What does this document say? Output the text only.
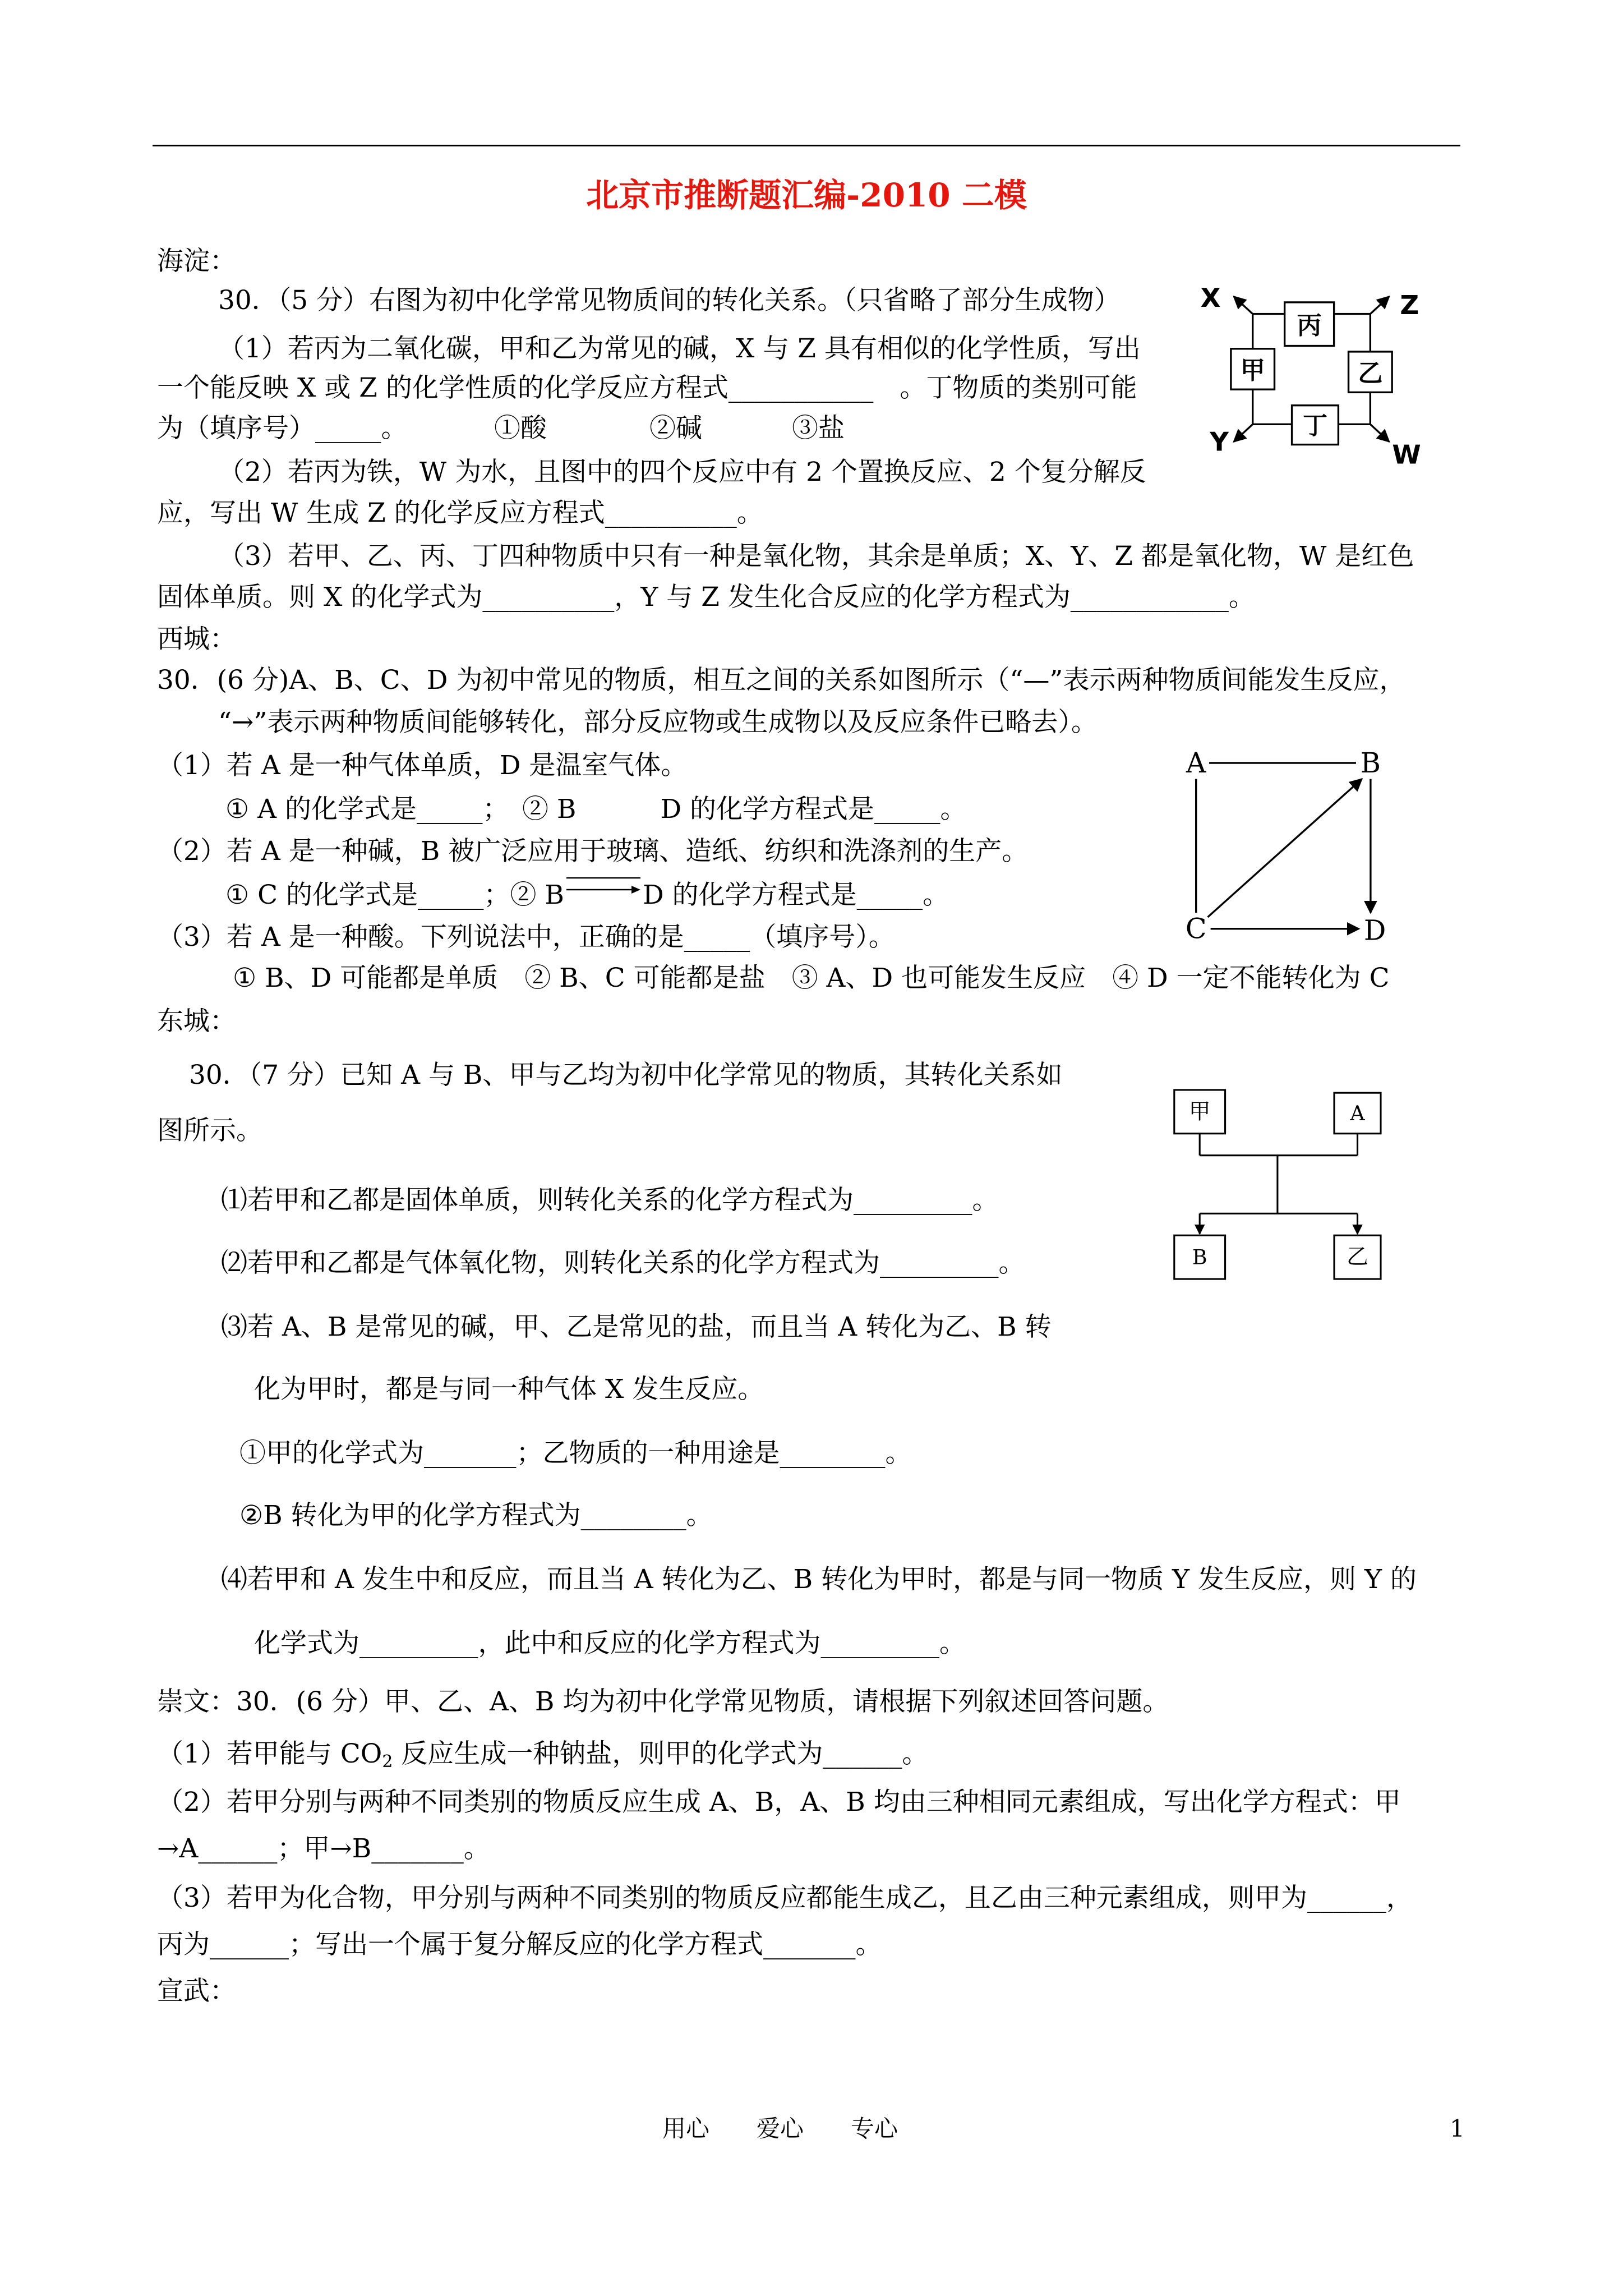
北京市推断题汇编-2010 二模
海淀：
30．（5 分）右图为初中化学常见物质间的转化关系。（只省略了部分生成物）
（1）若丙为二氧化碳，甲和乙为常见的碱，X 与 Z 具有相似的化学性质，写出
一个能反映 X 或 Z 的化学性质的化学反应方程式___________　。丁物质的类别可能
为（填序号）_____。	①酸	②碱	③盐
（2）若丙为铁，W 为水，且图中的四个反应中有 2 个置换反应、2 个复分解反
应，写出 W 生成 Z 的化学反应方程式__________。
（3）若甲、乙、丙、丁四种物质中只有一种是氧化物，其余是单质；X、Y、Z 都是氧化物，W 是红色
固体单质。则 X 的化学式为__________，Y 与 Z 发生化合反应的化学方程式为____________。
丙
甲	乙
丁
X	Z
Y	W
西城：
30．(6 分)A、B、C、D 为初中常见的物质，相互之间的关系如图所示（“—”表示两种物质间能发生反应，
“→”表示两种物质间能够转化，部分反应物或生成物以及反应条件已略去）。
（1）若 A 是一种气体单质，D 是温室气体。
① A 的化学式是_____；　② B	D 的化学方程式是_____。
（2）若 A 是一种碱，B 被广泛应用于玻璃、造纸、纺织和洗涤剂的生产。
① C 的化学式是_____；② B	D 的化学方程式是_____。
（3）若 A 是一种酸。下列说法中，正确的是_____（填序号）。
① B、D 可能都是单质　② B、C 可能都是盐　③ A、D 也可能发生反应　④ D 一定不能转化为 C
A	B
C	D
东城：
30．（7 分）已知 A 与 B、甲与乙均为初中化学常见的物质，其转化关系如
图所示。
⑴若甲和乙都是固体单质，则转化关系的化学方程式为_________。
⑵若甲和乙都是气体氧化物，则转化关系的化学方程式为_________。
⑶若 A、B 是常见的碱，甲、乙是常见的盐，而且当 A 转化为乙、B 转
化为甲时，都是与同一种气体 X 发生反应。
①甲的化学式为_______；乙物质的一种用途是________。
②B 转化为甲的化学方程式为________。
⑷若甲和 A 发生中和反应，而且当 A 转化为乙、B 转化为甲时，都是与同一物质 Y 发生反应，则 Y 的
化学式为_________，此中和反应的化学方程式为_________。
甲	A
B	乙
崇文：30．(6 分）甲、乙、A、B 均为初中化学常见物质，请根据下列叙述回答问题。
（1）若甲能与 $CO_2$ 反应生成一种钠盐，则甲的化学式为______。
（2）若甲分别与两种不同类别的物质反应生成 A、B，A、B 均由三种相同元素组成，写出化学方程式：甲
→A______；甲→B_______。
（3）若甲为化合物，甲分别与两种不同类别的物质反应都能生成乙，且乙由三种元素组成，则甲为______，
丙为______；写出一个属于复分解反应的化学方程式_______。
宣武：
用心　　爱心　　专心	1
